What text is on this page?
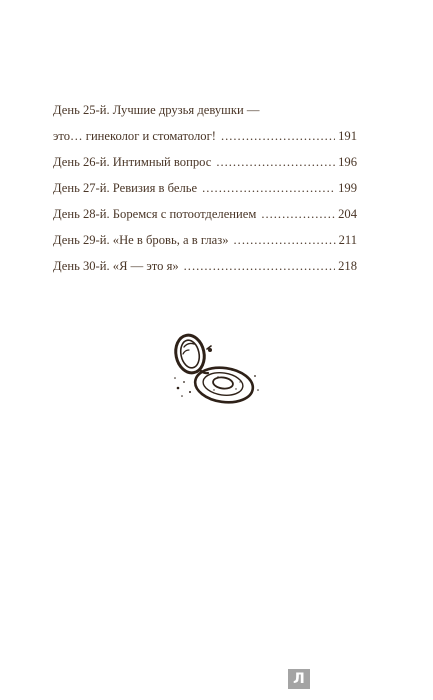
День 25-й. Лучшие друзья девушки —
это… гинеколог и стоматолог! .....	191
День 26-й. Интимный вопрос .....	196
День 27-й. Ревизия в белье .....	199
День 28-й. Боремся с потоотделением .....	204
День 29-й. «Не в бровь, а в глаз» .....	211
День 30-й. «Я — это я» .....	218
Л
